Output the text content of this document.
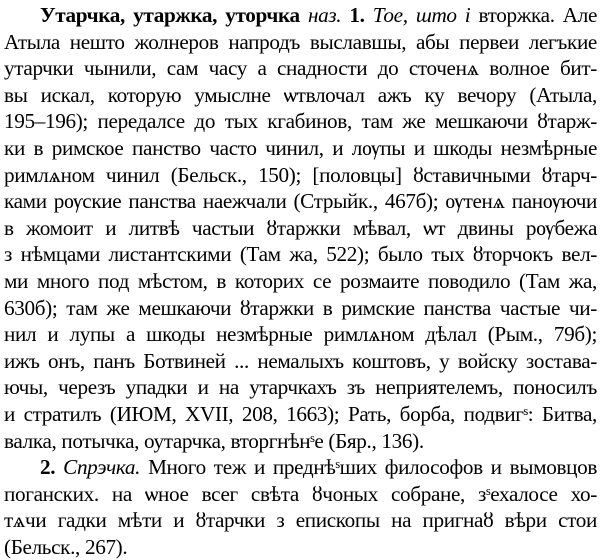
Утарчка, утаржка, уторчка наз. 1. Тое, што і вторжка. Але
Атыла нешто жолнеров напродъ выславшы, абы первеи легъкие
утарчки чынили, сам часу а снадности до сточенѧ волное бит-
вы искал, которую умыслне ѡтвлочал ажъ ку вечору (Атыла,
195–196); передалсе до тых кгабинов, там же мешкаючи ȣтарж-
ки в римское панство часто чинил, и лѹпы и шкоды незмѣрные
римлѧном чинил (Бельск., 150); [половцы] ȣставичными ȣтарч-
ками рѹские панства наежчали (Стрыйк., 467б); ѹтенѧ панѹючи
в жомоит и литвѣ частыи ȣтаржки мѣвал, ѡт двины рѹбежа
з нѣмцами листантскими (Там жа, 522); было тых ȣторчокъ вел-
ми много под мѣстом, в которих се розмаите поводило (Там жа,
630б); там же мешкаючи ȣтаржки в римские панства частые чи-
нил и лупы а шкоды незмѣрные римлѧном дѣлал (Рым., 79б);
ижъ онъ, панъ Ботвиней ... немалыхъ коштовъ, у войску зостава-
ючы, черезъ упадки и на утарчкахъ зъ неприятелемъ, поносилъ
и стратилъ (ИЮМ, XVII, 208, 1663); Рать, борба, подвигˢ: Битва,
валка, потычка, оутарчка, вторгнѣнˢе (Бяр., 136).
2. Спрэчка. Много теж и преднѣˢших философов и вымовцов
поганских. на ѡное всег свѣта ȣчоных собране, зˢехалосе хо-
тѧчи гадки мѣти и ȣтарчки з епископы на пригнаȣ вѣри стои
(Бельск., 267).
